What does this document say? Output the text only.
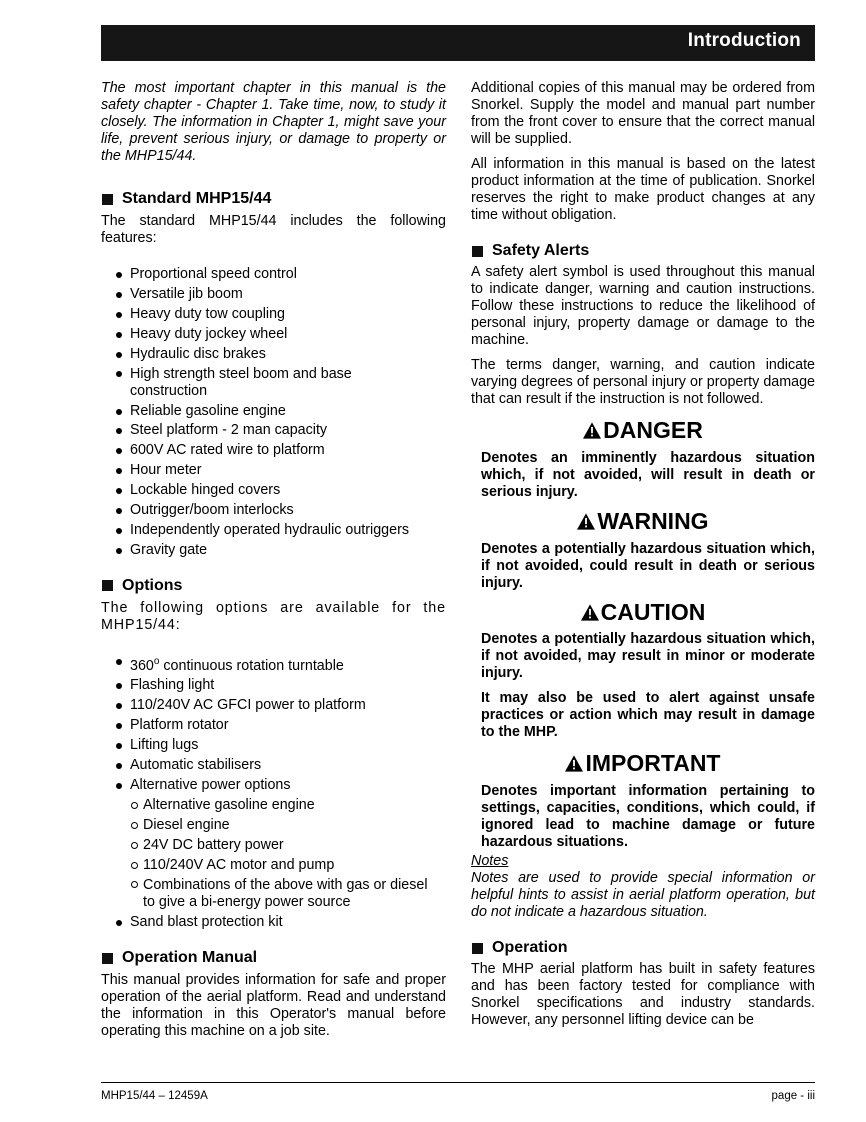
Introduction

The most important chapter in this manual is the safety chapter - Chapter 1. Take time, now, to study it closely. The information in Chapter 1, might save your life, prevent serious injury, or damage to property or the MHP15/44.

Standard MHP15/44

The standard MHP15/44 includes the following features:

Proportional speed control
Versatile jib boom
Heavy duty tow coupling
Heavy duty jockey wheel
Hydraulic disc brakes
High strength steel boom and base construction
Reliable gasoline engine
Steel platform - 2 man capacity
600V AC rated wire to platform
Hour meter
Lockable hinged covers
Outrigger/boom interlocks
Independently operated hydraulic outriggers
Gravity gate
Options

The following options are available for the MHP15/44:

360$^o$ continuous rotation turntable
Flashing light
110/240V AC GFCI power to platform
Platform rotator
Lifting lugs
Automatic stabilisers
Alternative power options
Alternative gasoline engine
Diesel engine
24V DC battery power
110/240V AC motor and pump
Combinations of the above with gas or diesel to give a bi-energy power source
Sand blast protection kit
Operation Manual

This manual provides information for safe and proper operation of the aerial platform. Read and understand the information in this Operator's manual before operating this machine on a job site.

Additional copies of this manual may be ordered from Snorkel. Supply the model and manual part number from the front cover to ensure that the correct manual will be supplied.

All information in this manual is based on the latest product information at the time of publication. Snorkel reserves the right to make product changes at any time without obligation.

Safety Alerts

A safety alert symbol is used throughout this manual to indicate danger, warning and caution instructions. Follow these instructions to reduce the likelihood of personal injury, property damage or damage to the machine.

The terms danger, warning, and caution indicate varying degrees of personal injury or property damage that can result if the instruction is not followed.

DANGER

Denotes an imminently hazardous situation which, if not avoided, will result in death or serious injury.

WARNING

Denotes a potentially hazardous situation which, if not avoided, could result in death or serious injury.

CAUTION

Denotes a potentially hazardous situation which, if not avoided, may result in minor or moderate injury.

It may also be used to alert against unsafe practices or action which may result in damage to the MHP.

IMPORTANT

Denotes important information pertaining to settings, capacities, conditions, which could, if ignored lead to machine damage or future hazardous situations.

Notes

Notes are used to provide special information or helpful hints to assist in aerial platform operation, but do not indicate a hazardous situation.

Operation

The MHP aerial platform has built in safety features and has been factory tested for compliance with Snorkel specifications and industry standards. However, any personnel lifting device can be

MHP15/44 – 12459A	page - iii
